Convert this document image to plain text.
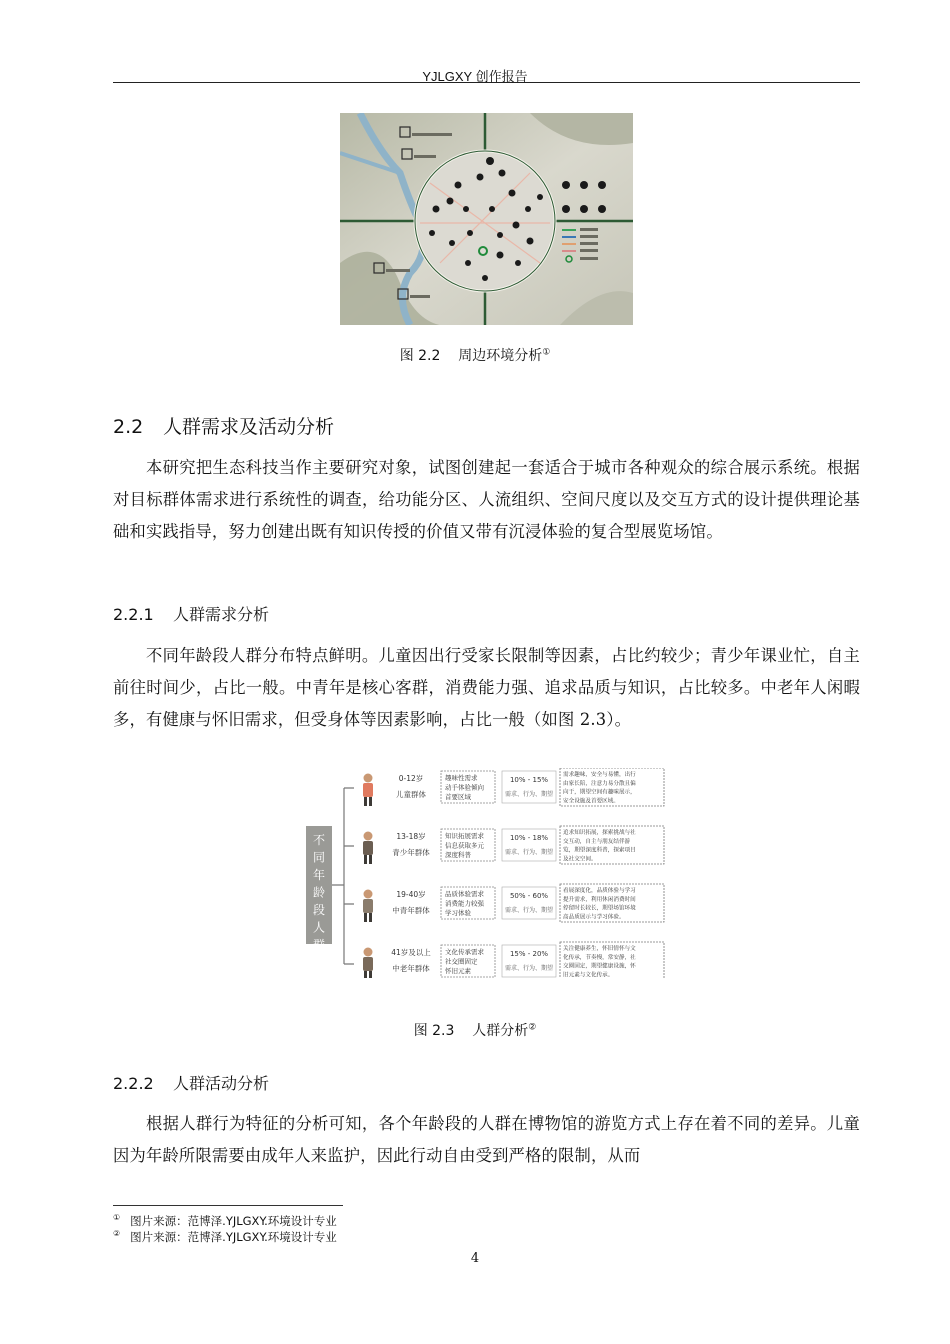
YJLGXY 创作报告
图 2.2 周边环境分析①
2.2 人群需求及活动分析
本研究把生态科技当作主要研究对象，试图创建起一套适合于城市各种观众的综合展示系统。根据对目标群体需求进行系统性的调查，给功能分区、人流组织、空间尺度以及交互方式的设计提供理论基础和实践指导，努力创建出既有知识传授的价值又带有沉浸体验的复合型展览场馆。
2.2.1 人群需求分析
不同年龄段人群分布特点鲜明。儿童因出行受家长限制等因素，占比约较少；青少年课业忙，自主前往时间少，占比一般。中青年是核心客群，消费能力强、追求品质与知识，占比较多。中老年人闲暇多，有健康与怀旧需求，但受身体等因素影响，占比一般（如图 2.3）。
不
同
年
龄
段
人
群
0-12岁
儿童群体
趣味性需求
动手体验倾向
首要区域
10% - 15%
需求、行为、期望
需求趣味，安全与易懂，出行
由家长陪，注意力易分散且偏
向于，期望空间有趣味展示，
安全设施及首要区域。
13-18岁
青少年群体
知识拓展需求
信息获取多元
深度科普
10% - 18%
需求、行为、期望
追求知识拓展，探索挑战与社
交互动，自主与朋友结伴游
览，期望深度科普，探索项目
及社交空间。
19-40岁
中青年群体
品质体验需求
消费能力较强
学习体验
50% - 60%
需求、行为、期望
看展深度化，品质体验与学习
提升需求，利用休闲消费时间
停留时长较长，期望场馆环境
高品质展示与学习体验。
41岁及以上
中老年群体
文化传承需求
社交圈固定
怀旧元素
15% - 20%
需求、行为、期望
关注健康养生，怀旧情怀与文
化传承，节奏慢，常安静，社
交圈固定，期望健康设施，怀
旧元素与文化传承。
图 2.3 人群分析②
2.2.2 人群活动分析
根据人群行为特征的分析可知，各个年龄段的人群在博物馆的游览方式上存在着不同的差异。儿童因为年龄所限需要由成年人来监护，因此行动自由受到严格的限制，从而
① 图片来源：范博泽.YJLGXY.环境设计专业
② 图片来源：范博泽.YJLGXY.环境设计专业
4
